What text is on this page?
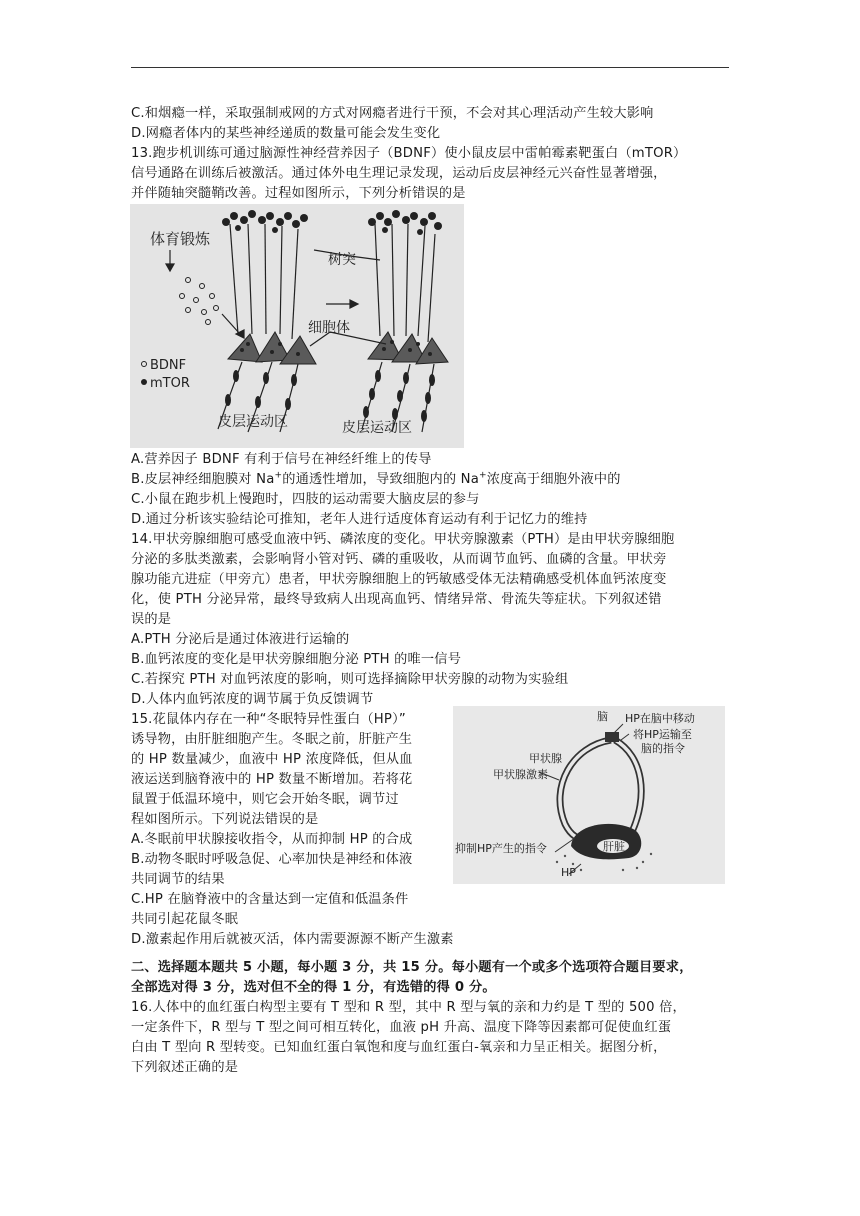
C.和烟瘾一样，采取强制戒网的方式对网瘾者进行干预，不会对其心理活动产生较大影响
D.网瘾者体内的某些神经递质的数量可能会发生变化
13.跑步机训练可通过脑源性神经营养因子（BDNF）使小鼠皮层中雷帕霉素靶蛋白（mTOR）
信号通路在训练后被激活。通过体外电生理记录发现，运动后皮层神经元兴奋性显著增强，
并伴随轴突髓鞘改善。过程如图所示，下列分析错误的是
体育锻炼
树突
细胞体
BDNF
mTOR
皮层运动区	皮层运动区
A.营养因子 BDNF 有利于信号在神经纤维上的传导
B.皮层神经细胞膜对 Na+的通透性增加，导致细胞内的 Na+浓度高于细胞外液中的
C.小鼠在跑步机上慢跑时，四肢的运动需要大脑皮层的参与
D.通过分析该实验结论可推知，老年人进行适度体育运动有利于记忆力的维持
14.甲状旁腺细胞可感受血液中钙、磷浓度的变化。甲状旁腺激素（PTH）是由甲状旁腺细胞
分泌的多肽类激素，会影响肾小管对钙、磷的重吸收，从而调节血钙、血磷的含量。甲状旁
腺功能亢进症（甲旁亢）患者，甲状旁腺细胞上的钙敏感受体无法精确感受机体血钙浓度变
化，使 PTH 分泌异常，最终导致病人出现高血钙、情绪异常、骨流失等症状。下列叙述错
误的是
A.PTH 分泌后是通过体液进行运输的
B.血钙浓度的变化是甲状旁腺细胞分泌 PTH 的唯一信号
C.若探究 PTH 对血钙浓度的影响，则可选择摘除甲状旁腺的动物为实验组
D.人体内血钙浓度的调节属于负反馈调节
15.花鼠体内存在一种“冬眠特异性蛋白（HP）”
诱导物，由肝脏细胞产生。冬眠之前，肝脏产生
的 HP 数量减少，血液中 HP 浓度降低，但从血
液运送到脑脊液中的 HP 数量不断增加。若将花
鼠置于低温环境中，则它会开始冬眠，调节过
程如图所示。下列说法错误的是
A.冬眠前甲状腺接收指令，从而抑制 HP 的合成
B.动物冬眠时呼吸急促、心率加快是神经和体液
共同调节的结果
C.HP 在脑脊液中的含量达到一定值和低温条件
共同引起花鼠冬眠
D.激素起作用后就被灭活，体内需要源源不断产生激素
脑 HP在脑中移动
将HP运输至
脑的指令
甲状腺
甲状腺激素
抑制HP产生的指令	肝脏
HP
二、选择题本题共 5 小题，每小题 3 分，共 15 分。每小题有一个或多个选项符合题目要求，
全部选对得 3 分，选对但不全的得 1 分，有选错的得 0 分。
16.人体中的血红蛋白构型主要有 T 型和 R 型，其中 R 型与氧的亲和力约是 T 型的 500 倍，
一定条件下，R 型与 T 型之间可相互转化，血液 pH 升高、温度下降等因素都可促使血红蛋
白由 T 型向 R 型转变。已知血红蛋白氧饱和度与血红蛋白-氧亲和力呈正相关。据图分析，
下列叙述正确的是
